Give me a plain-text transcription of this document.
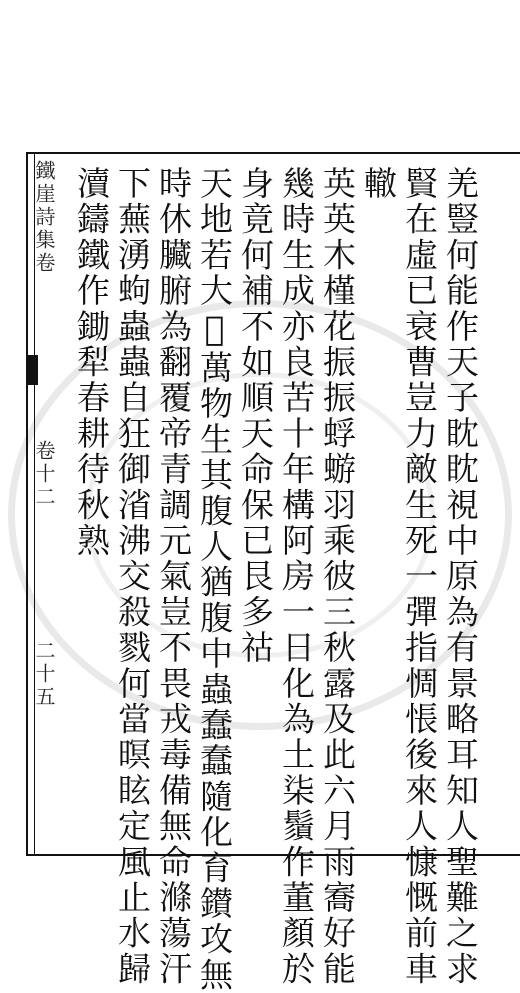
鐵崖詩集卷
卷十二
二十五	羌豎何能作天子眈眈視中原為有景略耳知人聖難之求
賢在虛已衰曹豈力敵生死一彈指惆悵後來人慷慨前車
轍
英英木槿花振振蜉蝣羽乘彼三秋露及此六月雨㝯好能
幾時生成亦良苦十年構阿房一日化為土柒鬚作董顏於
身竟何補不如順天命保已艮多祜
天地若大𤓰萬物生其腹人猶腹中蟲蠢蠢隨化育鑚攻無
時休臟腑為翻覆帝青調元氣豈不畏戎毒備無命滌蕩汗
下蕪湧蚼蟲蟲自狂御渻沸交殺戮何當暝眩定風止水歸
瀆鑄鐵作鋤犁春耕待秋熟
